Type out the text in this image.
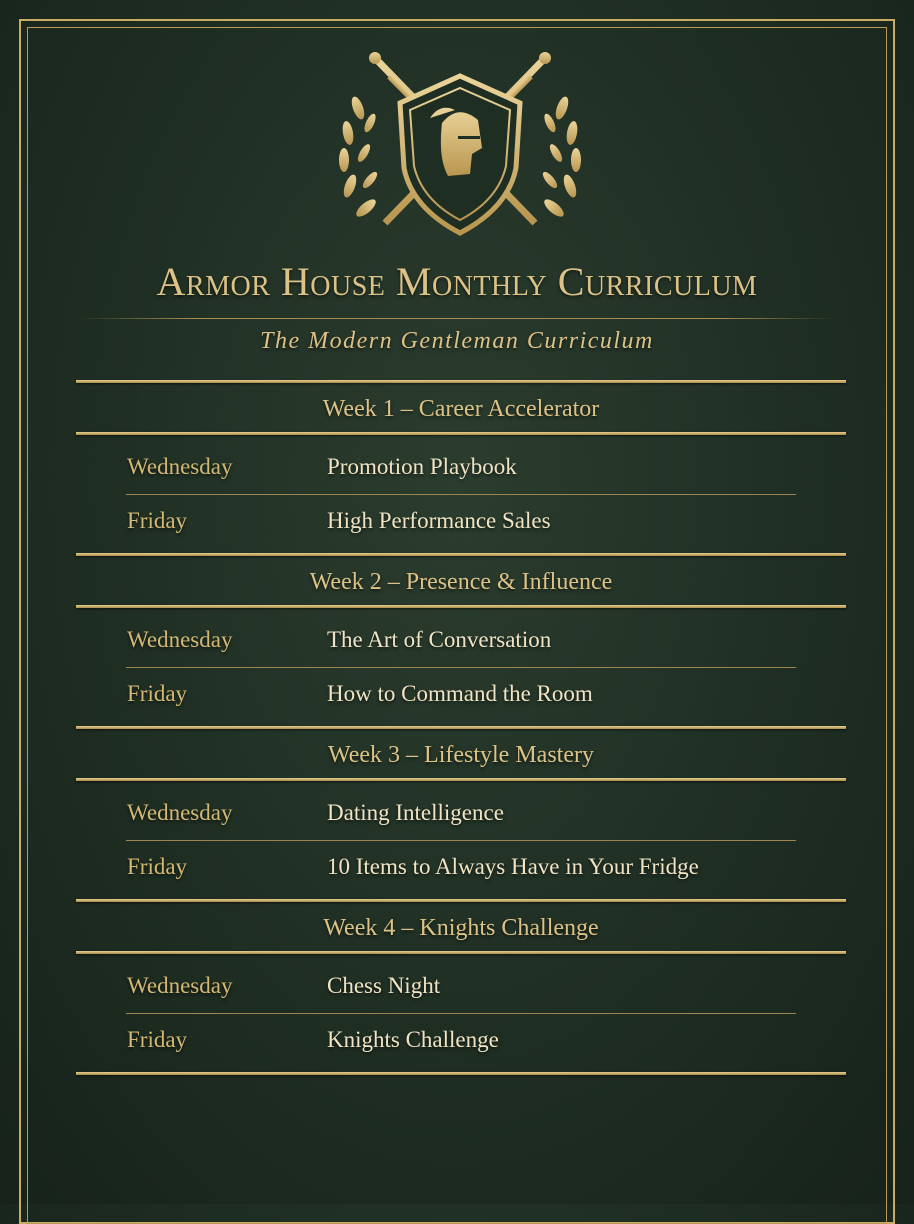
Armor House Monthly Curriculum
The Modern Gentleman Curriculum
Week 1 – Career Accelerator
Wednesday	Promotion Playbook
Friday	High Performance Sales
Week 2 – Presence & Influence
Wednesday	The Art of Conversation
Friday	How to Command the Room
Week 3 – Lifestyle Mastery
Wednesday	Dating Intelligence
Friday	10 Items to Always Have in Your Fridge
Week 4 – Knights Challenge
Wednesday	Chess Night
Friday	Knights Challenge
